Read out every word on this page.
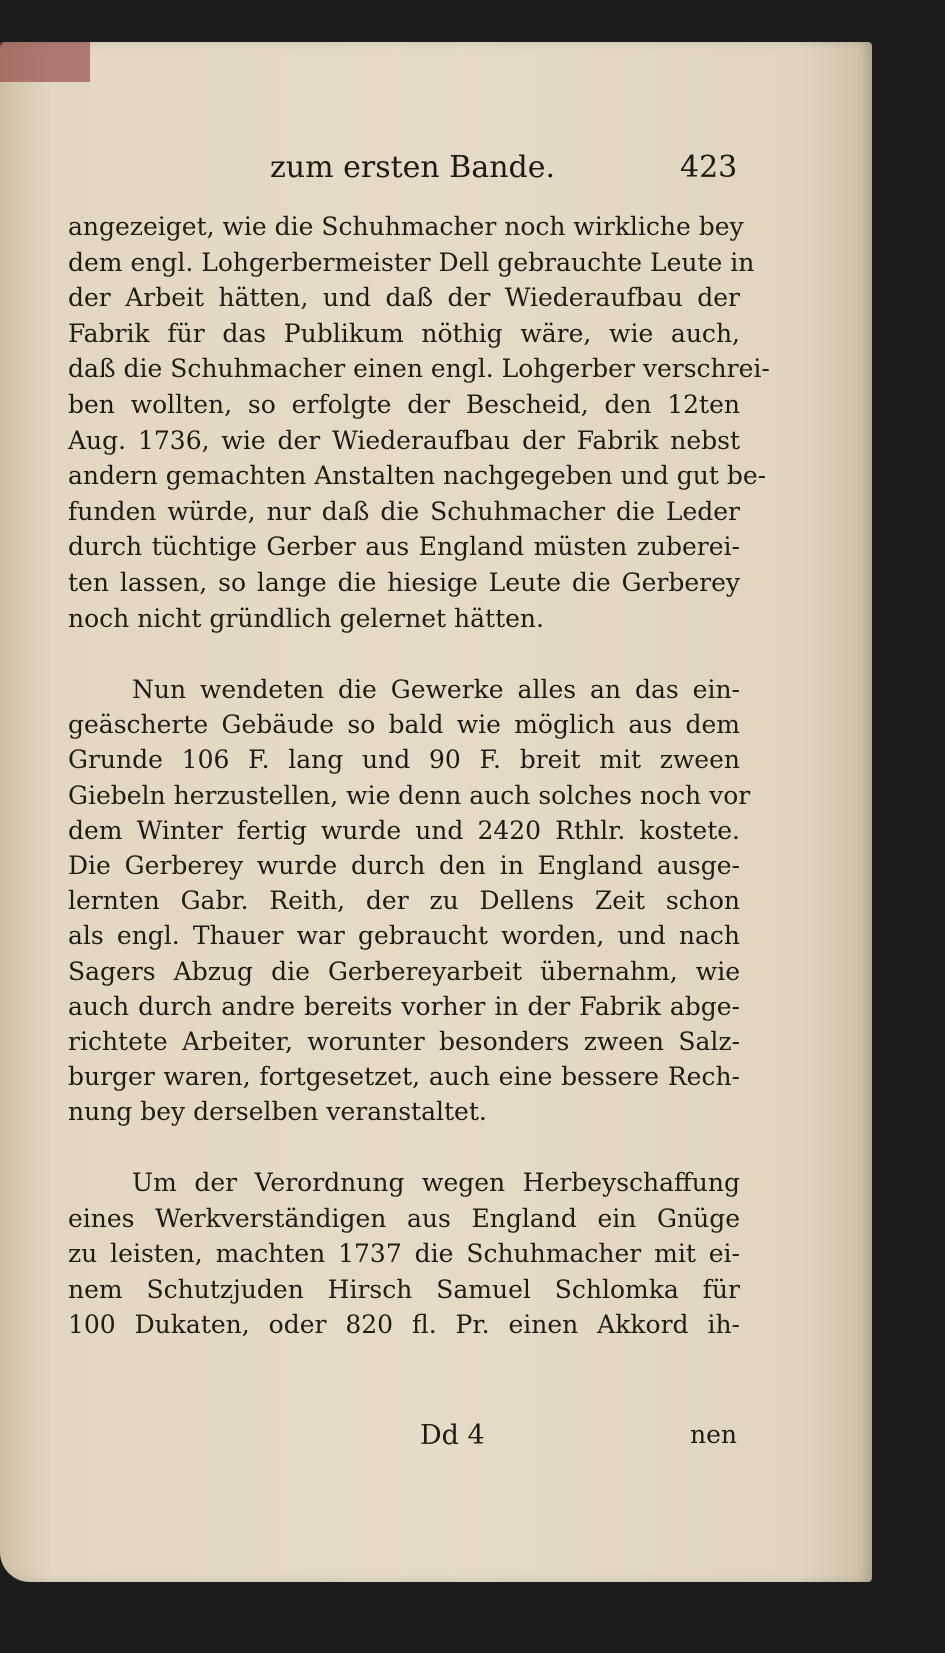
zum ersten Bande.	423
angezeiget, wie die Schuhmacher noch wirkliche bey
dem engl. Lohgerbermeister Dell gebrauchte Leute in
der Arbeit hätten, und daß der Wiederaufbau der
Fabrik für das Publikum nöthig wäre, wie auch,
daß die Schuhmacher einen engl. Lohgerber verschrei-
ben wollten, so erfolgte der Bescheid, den 12ten
Aug. 1736, wie der Wiederaufbau der Fabrik nebst
andern gemachten Anstalten nachgegeben und gut be-
funden würde, nur daß die Schuhmacher die Leder
durch tüchtige Gerber aus England müsten zuberei-
ten lassen, so lange die hiesige Leute die Gerberey
noch nicht gründlich gelernet hätten.
Nun wendeten die Gewerke alles an das ein-
geäscherte Gebäude so bald wie möglich aus dem
Grunde 106 F. lang und 90 F. breit mit zween
Giebeln herzustellen, wie denn auch solches noch vor
dem Winter fertig wurde und 2420 Rthlr. kostete.
Die Gerberey wurde durch den in England ausge-
lernten Gabr. Reith, der zu Dellens Zeit schon
als engl. Thauer war gebraucht worden, und nach
Sagers Abzug die Gerbereyarbeit übernahm, wie
auch durch andre bereits vorher in der Fabrik abge-
richtete Arbeiter, worunter besonders zween Salz-
burger waren, fortgesetzet, auch eine bessere Rech-
nung bey derselben veranstaltet.
Um der Verordnung wegen Herbeyschaffung
eines Werkverständigen aus England ein Gnüge
zu leisten, machten 1737 die Schuhmacher mit ei-
nem Schutzjuden Hirsch Samuel Schlomka für
100 Dukaten, oder 820 fl. Pr. einen Akkord ih-
Dd 4	nen
